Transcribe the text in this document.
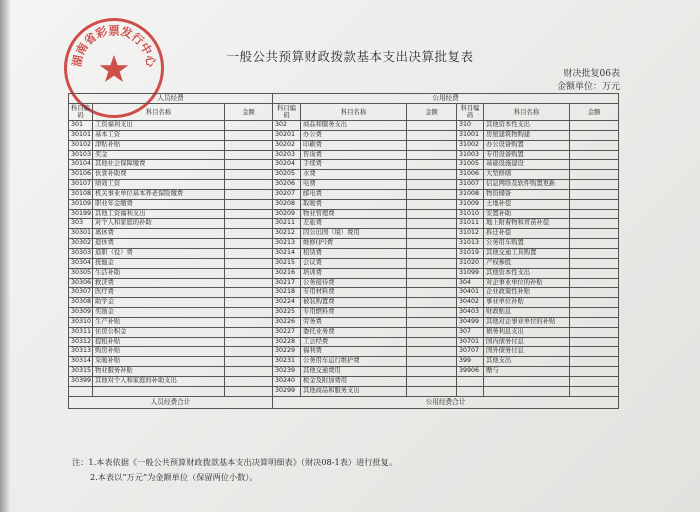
湖南省彩票发行中心	一般公共预算财政拨款基本支出决算批复表
财决批复06表
金额单位：万元
人员经费			公用经费					
科目编码	科目名称	金额	科目编码	科目名称	金额	科目编码	科目名称	金额
301	工资福利支出		302	商品和服务支出		310	其他资本性支出	
30101	基本工资		30201	办公费		31001	房屋建筑物购建	
30102	津贴补贴		30202	印刷费		31002	办公设备购置	
30103	奖金		30203	咨询费		31003	专用设备购置	
30104	其他社会保障缴费		30204	手续费		31005	基础设施建设	
30106	伙食补助费		30205	水费		31006	大型修缮	
30107	绩效工资		30206	电费		31007	信息网络及软件购置更新	
30108	机关事业单位基本养老保险缴费		30207	邮电费		31008	物资储备	
30109	职业年金缴费		30208	取暖费		31009	土地补偿	
30199	其他工资福利支出		30209	物业管理费		31010	安置补助	
303	对个人和家庭的补助		30211	差旅费		31011	地上附着物和青苗补偿	
30301	离休费		30212	因公出国（境）费用		31012	拆迁补偿	
30302	退休费		30213	维修(护)费		31013	公务用车购置	
30303	退职（役）费		30214	租赁费		31019	其他交通工具购置	
30304	抚恤金		30215	会议费		31020	产权参股	
30305	生活补助		30216	培训费		31099	其他资本性支出	
30306	救济费		30217	公务接待费		304	对企事业单位的补贴	
30307	医疗费		30218	专用材料费		30401	企业政策性补贴	
30308	助学金		30224	被装购置费		30402	事业单位补贴	
30309	奖励金		30225	专用燃料费		30403	财政贴息	
30310	生产补贴		30226	劳务费		30499	其他对企事业单位的补贴	
30311	住房公积金		30227	委托业务费		307	债务利息支出	
30312	提租补贴		30228	工会经费		30701	国内债务付息	
30313	购房补贴		30229	福利费		30707	国外债务付息	
30314	采暖补贴		30231	公务用车运行维护费		399	其他支出	
30315	物业服务补贴		30239	其他交通费用		39906	赠与	
30399	其他对个人和家庭的补助支出		30240	税金及附加费用				
			30299	其他商品和服务支出				
人员经费合计			公用经费合计					
注：1.本表依据《一般公共预算财政拨款基本支出决算明细表》（财决08-1表）进行批复。
2.本表以“万元”为金额单位（保留两位小数）。
